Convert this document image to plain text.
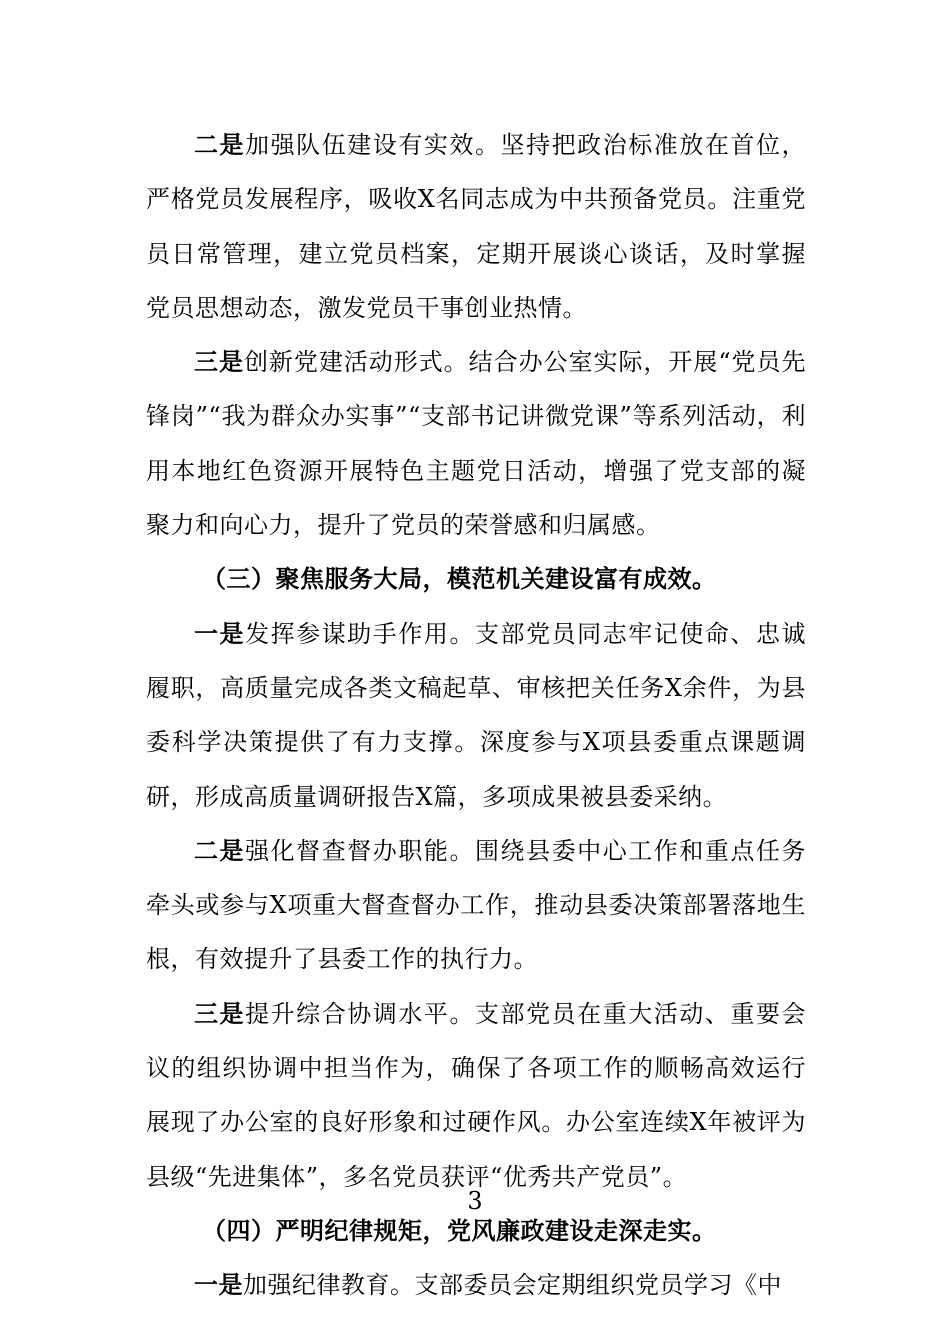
二是加强队伍建设有实效。坚持把政治标准放在首位，严格党员发展程序，吸收X名同志成为中共预备党员。注重党员日常管理，建立党员档案，定期开展谈心谈话，及时掌握党员思想动态，激发党员干事创业热情。

三是创新党建活动形式。结合办公室实际，开展“党员先锋岗”“我为群众办实事”“支部书记讲微党课”等系列活动，利用本地红色资源开展特色主题党日活动，增强了党支部的凝聚力和向心力，提升了党员的荣誉感和归属感。

（三）聚焦服务大局，模范机关建设富有成效。

一是发挥参谋助手作用。支部党员同志牢记使命、忠诚履职，高质量完成各类文稿起草、审核把关任务X余件，为县委科学决策提供了有力支撑。深度参与X项县委重点课题调研，形成高质量调研报告X篇，多项成果被县委采纳。

二是强化督查督办职能。围绕县委中心工作和重点任务牵头或参与X项重大督查督办工作，推动县委决策部署落地生根，有效提升了县委工作的执行力。

三是提升综合协调水平。支部党员在重大活动、重要会议的组织协调中担当作为，确保了各项工作的顺畅高效运行展现了办公室的良好形象和过硬作风。办公室连续X年被评为县级“先进集体”，多名党员获评“优秀共产党员”。

（四）严明纪律规矩，党风廉政建设走深走实。

一是加强纪律教育。支部委员会定期组织党员学习《中

3
